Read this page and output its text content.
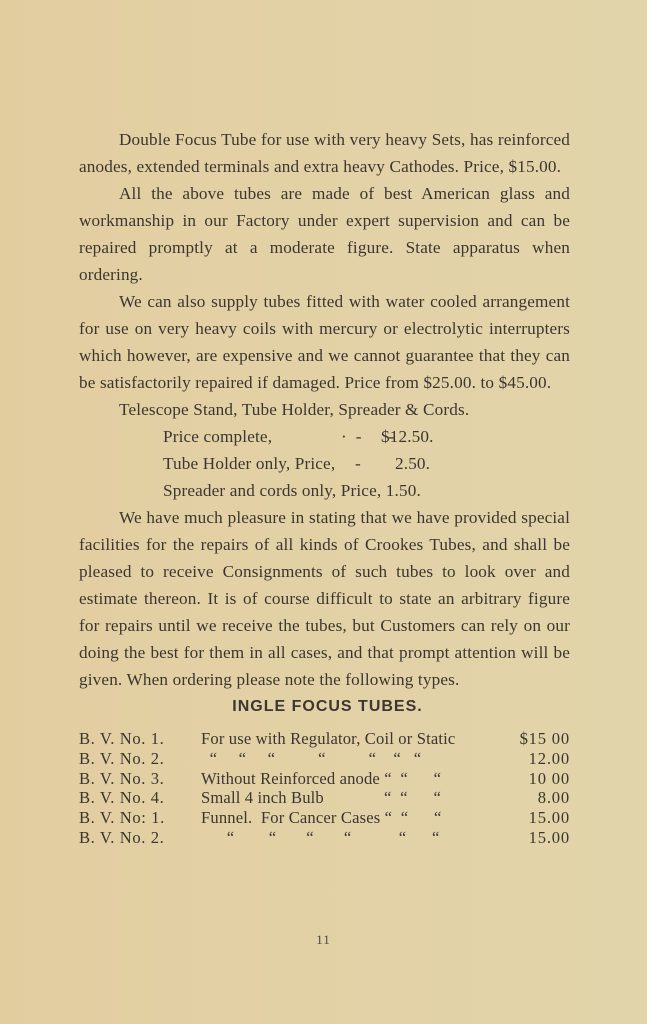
Double Focus Tube for use with very heavy Sets, has reinforced anodes, extended terminals and extra heavy Cathodes. Price, $15.00.

All the above tubes are made of best American glass and workmanship in our Factory under expert supervision and can be repaired promptly at a moderate figure. State apparatus when ordering.

We can also supply tubes fitted with water cooled arrangement for use on very heavy coils with mercury or electrolytic interrupters which however, are expensive and we cannot guarantee that they can be satisfactorily repaired if damaged. Price from $25.00. to $45.00.

Telescope Stand, Tube Holder, Spreader & Cords.

Price complete,	·  -      -$12.50.
Tube Holder only, Price, - 2.50.
Spreader and cords only, Price, 1.50.

We have much pleasure in stating that we have provided special facilities for the repairs of all kinds of Crookes Tubes, and shall be pleased to receive Consignments of such tubes to look over and estimate thereon. It is of course difficult to state an arbitrary figure for repairs until we receive the tubes, but Customers can rely on our doing the best for them in all cases, and that prompt attention will be given. When ordering please note the following types.

INGLE FOCUS TUBES.
B. V. No. 1.	For use with Regulator, Coil or Static	$15 00
B. V. No. 2.	“     “     “          “          “    “   “	12.00
B. V. No. 3.	Without Reinforced anode “  “      “	10 00
B. V. No. 4.	Small 4 inch Bulb              “  “      “	8.00
B. V. No: 1.	Funnel.  For Cancer Cases “  “      “	15.00
B. V. No. 2.	“        “       “       “           “      “	15.00
11
